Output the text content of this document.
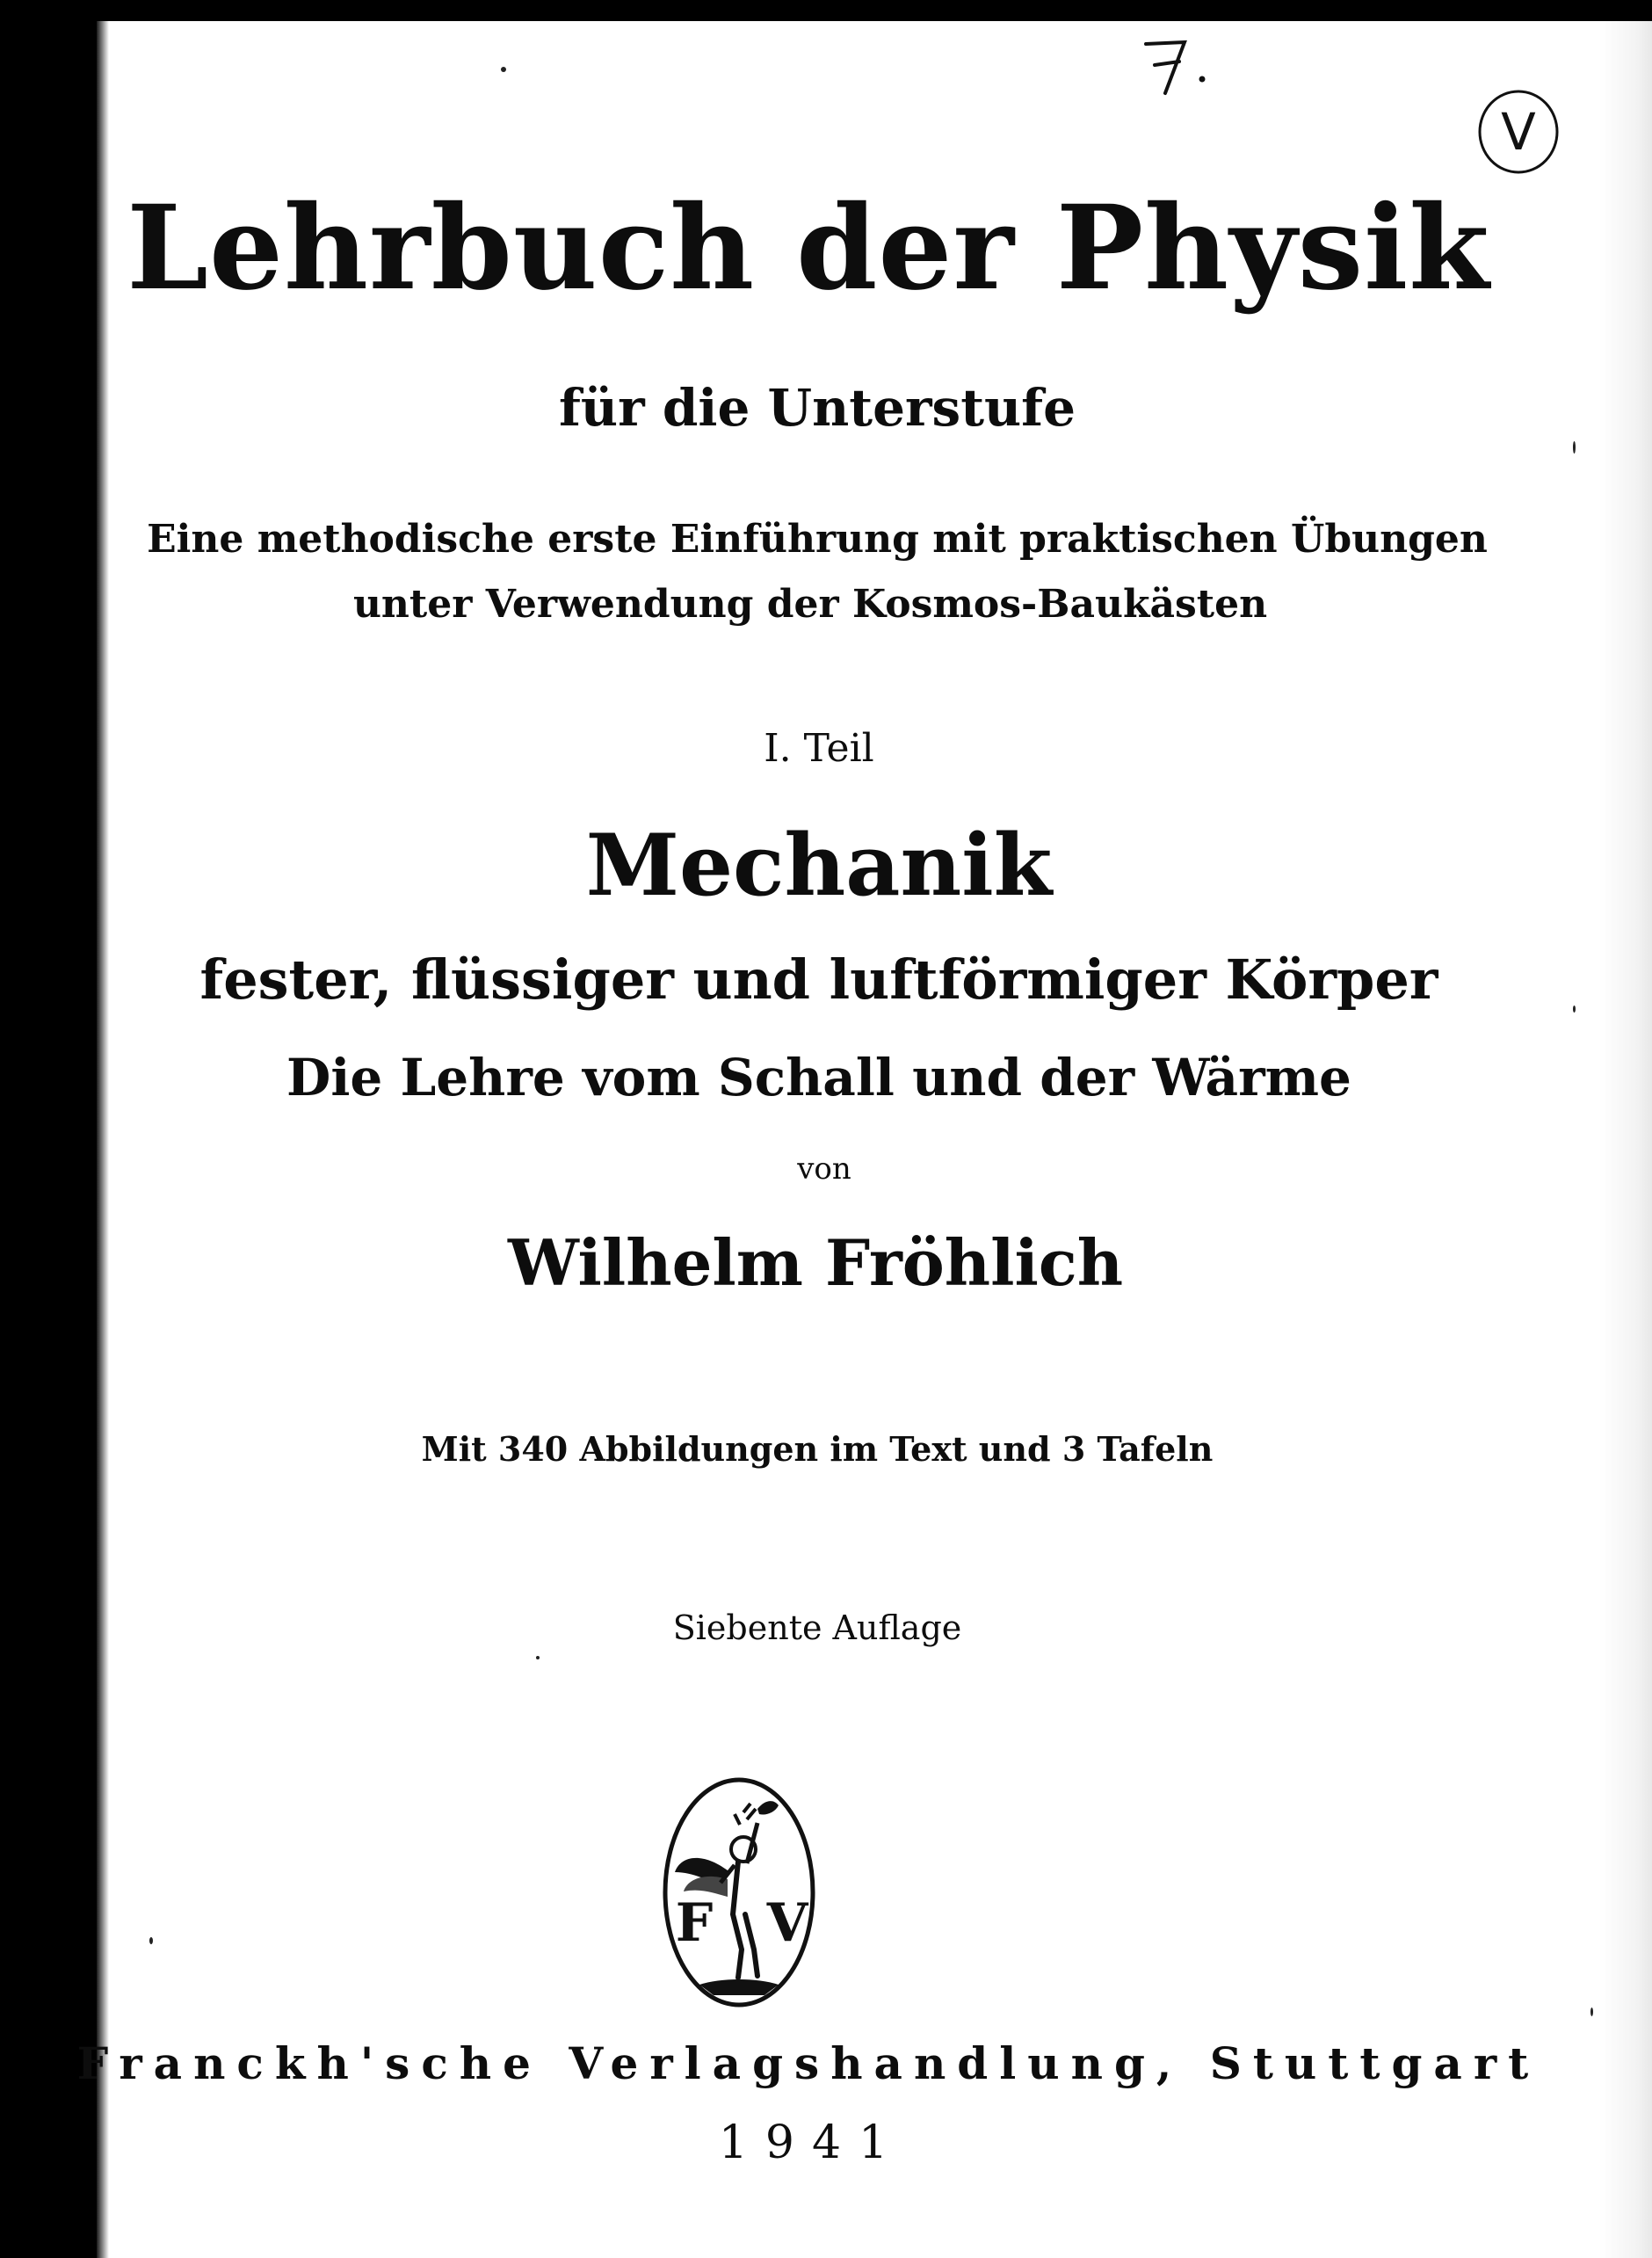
V
Lehrbuch der Physik
für die Unterstufe
Eine methodische erste Einführung mit praktischen Übungen
unter Verwendung der Kosmos-Baukästen
I. Teil
Mechanik
fester, flüssiger und luftförmiger Körper
Die Lehre vom Schall und der Wärme
von
Wilhelm Fröhlich
Mit 340 Abbildungen im Text und 3 Tafeln
Siebente Auflage
F V
Franckh'sche Verlagshandlung, Stuttgart
1941
